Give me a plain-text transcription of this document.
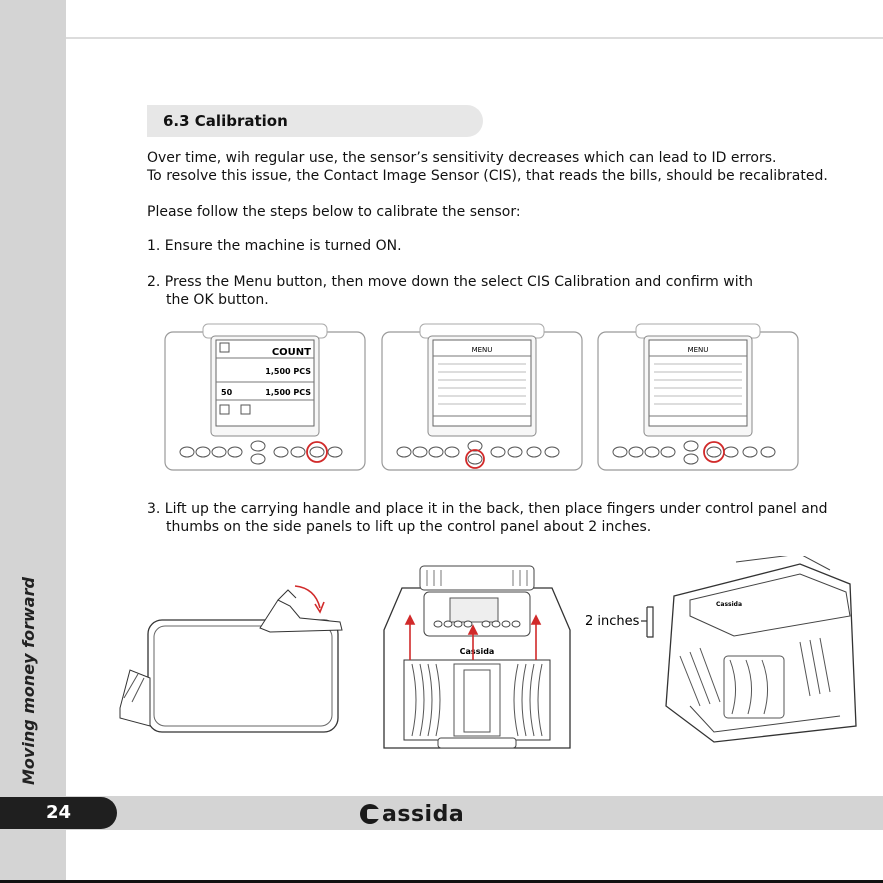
Moving money forward
6.3 Calibration
Over time, wih regular use, the sensor’s sensitivity decreases which can lead to ID errors.
To resolve this issue, the Contact Image Sensor (CIS), that reads the bills, should be recalibrated.
Please follow the steps below to calibrate the sensor:
1. Ensure the machine is turned ON.
2. Press the Menu button, then move down the select CIS Calibration and confirm with
the OK button.
3. Lift up the carrying handle and place it in the back, then place fingers under control panel and
thumbs on the side panels to lift up the control panel about 2 inches.
COUNT
1,500 PCS
50	1,500 PCS
MENU	MENU
Cassida
2 inches
Cassida
24	assida
